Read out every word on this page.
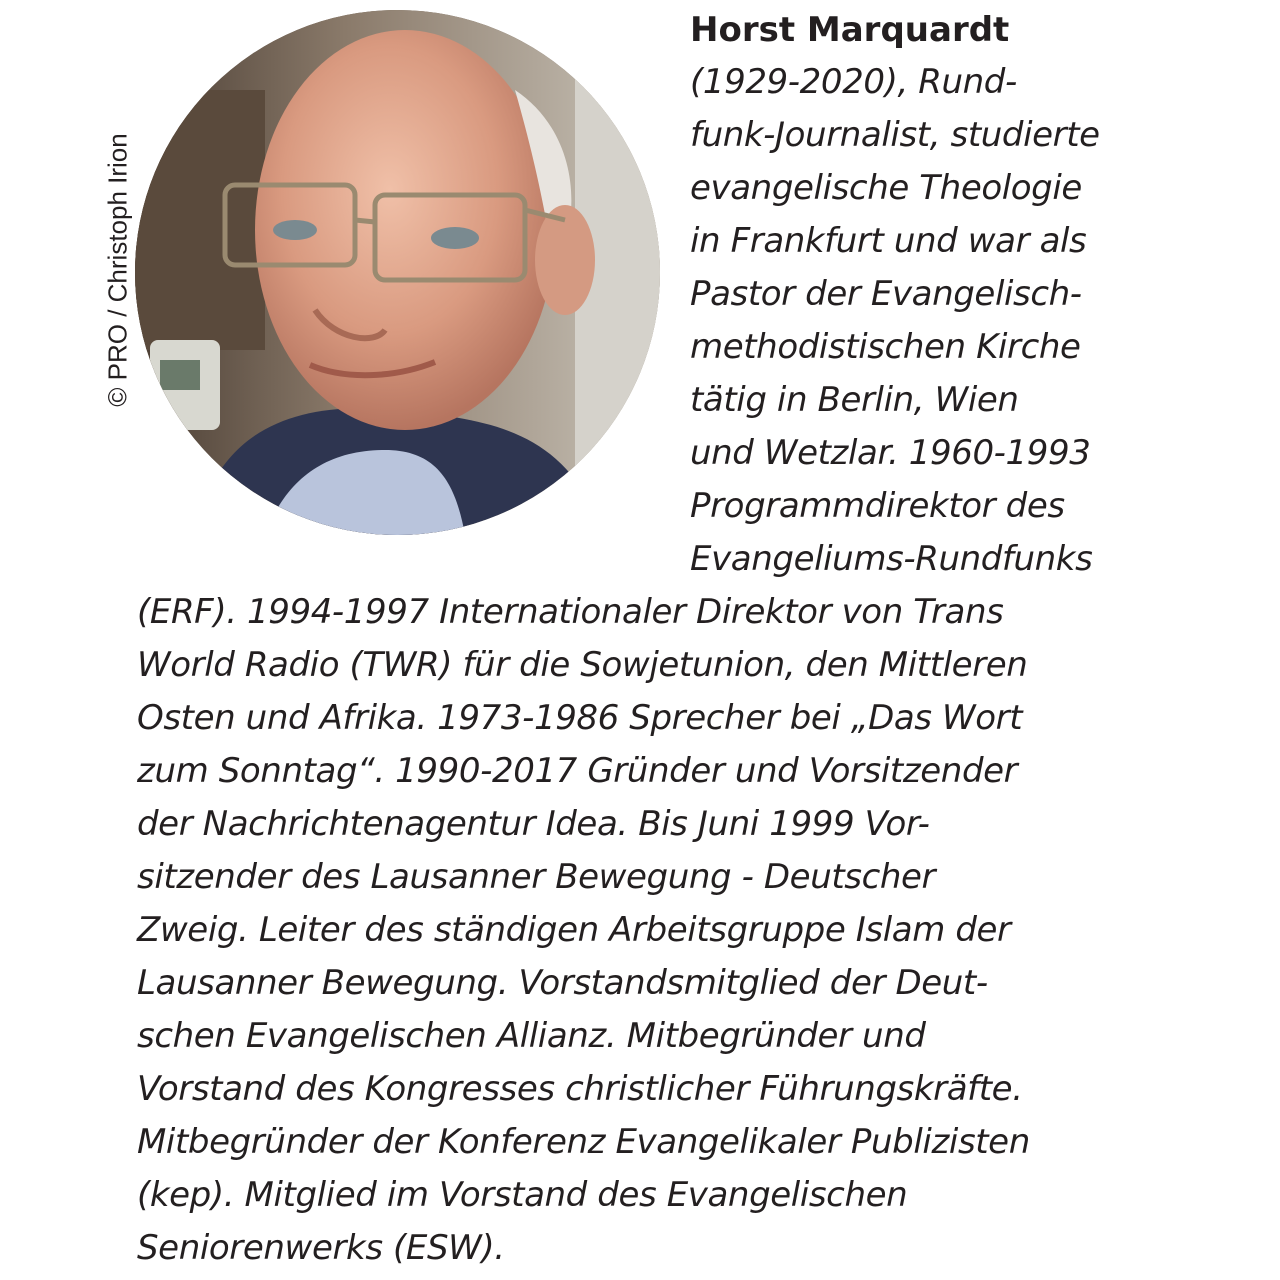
© PRO / Christoph Irion
Horst Marquardt
(1929-2020), Rund-
funk-Journalist, studierte
evangelische Theologie
in Frankfurt und war als
Pastor der Evangelisch-
methodistischen Kirche
tätig in Berlin, Wien
und Wetzlar. 1960-1993
Programmdirektor des
Evangeliums-Rundfunks
(ERF). 1994-1997 Internationaler Direktor von Trans
World Radio (TWR) für die Sowjetunion, den Mittleren
Osten und Afrika. 1973-1986 Sprecher bei „Das Wort
zum Sonntag“. 1990-2017 Gründer und Vorsitzender
der Nachrichtenagentur Idea. Bis Juni 1999 Vor-
sitzender des Lausanner Bewegung - Deutscher
Zweig. Leiter des ständigen Arbeitsgruppe Islam der
Lausanner Bewegung. Vorstandsmitglied der Deut-
schen Evangelischen Allianz. Mitbegründer und
Vorstand des Kongresses christlicher Führungskräfte.
Mitbegründer der Konferenz Evangelikaler Publizisten
(kep). Mitglied im Vorstand des Evangelischen
Seniorenwerks (ESW).
